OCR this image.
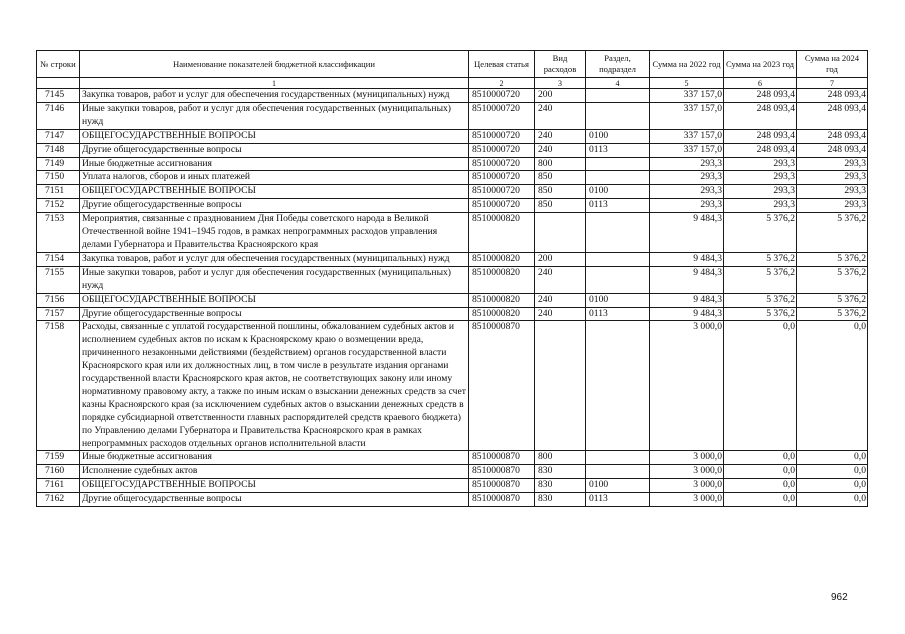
№ строки	Наименование показателей бюджетной классификации	Целевая статья	Вид расходов	Раздел, подраздел	Сумма на 2022 год	Сумма на 2023 год	Сумма на 2024 год
	1	2	3	4	5	6	7
7145	Закупка товаров, работ и услуг для обеспечения государственных (муниципальных) нужд	8510000720	200		337 157,0	248 093,4	248 093,4
7146	Иные закупки товаров, работ и услуг для обеспечения государственных (муниципальных) нужд	8510000720	240		337 157,0	248 093,4	248 093,4
7147	ОБЩЕГОСУДАРСТВЕННЫЕ ВОПРОСЫ	8510000720	240	0100	337 157,0	248 093,4	248 093,4
7148	Другие общегосударственные вопросы	8510000720	240	0113	337 157,0	248 093,4	248 093,4
7149	Иные бюджетные ассигнования	8510000720	800		293,3	293,3	293,3
7150	Уплата налогов, сборов и иных платежей	8510000720	850		293,3	293,3	293,3
7151	ОБЩЕГОСУДАРСТВЕННЫЕ ВОПРОСЫ	8510000720	850	0100	293,3	293,3	293,3
7152	Другие общегосударственные вопросы	8510000720	850	0113	293,3	293,3	293,3
7153	Мероприятия, связанные с празднованием Дня Победы советского народа в Великой Отечественной войне 1941–1945 годов, в рамках непрограммных расходов управления делами Губернатора и Правительства Красноярского края	8510000820			9 484,3	5 376,2	5 376,2
7154	Закупка товаров, работ и услуг для обеспечения государственных (муниципальных) нужд	8510000820	200		9 484,3	5 376,2	5 376,2
7155	Иные закупки товаров, работ и услуг для обеспечения государственных (муниципальных) нужд	8510000820	240		9 484,3	5 376,2	5 376,2
7156	ОБЩЕГОСУДАРСТВЕННЫЕ ВОПРОСЫ	8510000820	240	0100	9 484,3	5 376,2	5 376,2
7157	Другие общегосударственные вопросы	8510000820	240	0113	9 484,3	5 376,2	5 376,2
7158	Расходы, связанные с уплатой государственной пошлины, обжалованием судебных актов и исполнением судебных актов по искам к Красноярскому краю о возмещении вреда, причиненного незаконными действиями (бездействием) органов государственной власти Красноярского края или их должностных лиц, в том числе в результате издания органами государственной власти Красноярского края актов, не соответствующих закону или иному нормативному правовому акту, а также по иным искам о взыскании денежных средств за счет казны Красноярского края (за исключением судебных актов о взыскании денежных средств в порядке субсидиарной ответственности главных распорядителей средств краевого бюджета) по Управлению делами Губернатора и Правительства Красноярского края в рамках непрограммных расходов отдельных органов исполнительной власти	8510000870			3 000,0	0,0	0,0
7159	Иные бюджетные ассигнования	8510000870	800		3 000,0	0,0	0,0
7160	Исполнение судебных актов	8510000870	830		3 000,0	0,0	0,0
7161	ОБЩЕГОСУДАРСТВЕННЫЕ ВОПРОСЫ	8510000870	830	0100	3 000,0	0,0	0,0
7162	Другие общегосударственные вопросы	8510000870	830	0113	3 000,0	0,0	0,0
962
